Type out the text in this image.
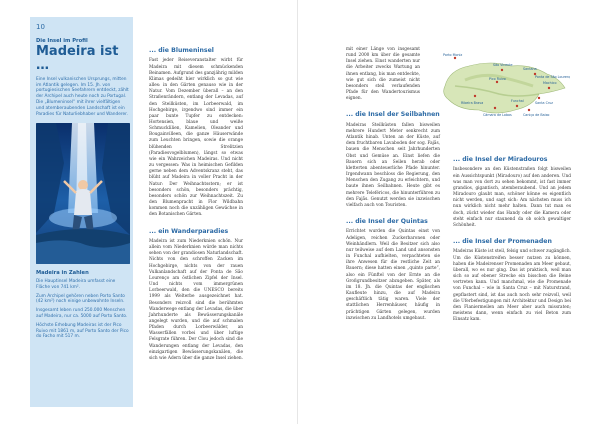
10
Die Insel im Profil
Madeira ist …

Eine Insel vulkanischen Ursprungs, mitten im Atlantik gelegen. Im 15. Jh. von portugiesischen Seefahrern entdeckt, zählt der Archipel auch heute noch zu Portugal. Die „Blumeninsel“ mit ihrer vielfältigen und atemberaubenden Landschaft ist ein Paradies für Naturliebhaber und Wanderer.

Madeira in Zahlen

Die Hauptinsel Madeira umfasst eine Fläche von 741 km².

Zum Archipel gehören neben Porto Santo (42 km²) noch einige unbewohnte Inseln.

Insgesamt leben rund 250.000 Menschen auf Madeira, nur ca. 5000 auf Porto Santo.

Höchste Erhebung Madeiras ist der Pico Ruivo mit 1861 m, auf Porto Santo der Pico do Facho mit 517 m.

... die Blumeninsel

Fast jeder Reiseveranstalter wirbt für Madeira mit diesem schmückenden Beinamen. Aufgrund des ganzjährig milden Klimas gedeiht hier wirklich so gut wie alles: in den Gärten genauso wie in der Natur. Vom Dezember überall – an den Straßenrändern, entlang der Levadas, auf den Steilküsten, im Lorbeerwald, im Hochgebirge, irgendwo sind immer ein paar bunte Tupfer zu entdecken: Hortensien, blaue und weiße Schmucklilien, Kamelien, Oleander und Bougainvilleen, die ganze Häuserwände zum Leuchten bringen, sowie die orange blühenden Strelitzien (Paradiesvogelblumen), längst so etwas wie ein Wahrzeichen Madeiras. Und nicht zu vergessen: Was in heimischen Gefilden gerne neben dem Adventskranz steht, das blüht auf Madeira in voller Pracht in der Natur: Der Weihnachtsstern; er ist besonders schön, besonders prächtig, besonders schön zur Weihnachtszeit. Zu den Blumenpracht in Flor Wildbahn kommen noch die unzähligen Gewächse in den Botanischen Gärten.

... ein Wanderparadies

Madeira ist zum Niederknien schön. Nur allein vom Niederknien würde man nichts sehen von der grandiosen Naturlandschaft. Nichts von den schroffen Zacken im Hochgebirge, nichts von der rauen Vulkanlandschaft auf der Ponta de São Lourenço am östlichen Zipfel der Insel. Und nichts vom immergrünen Lorbeerwald, den die UNESCO bereits 1999 als Welterbe ausgezeichnet hat. Besonders reizvoll sind die berühmten Wanderwege entlang der Levadas, die über Jahrhunderte als Bewässerungskanäle angelegt wurden, und die auf schmalen Pfaden durch Lorbeerwälder, an Wasserfällen vorbei und über luftige Felsgrate führen. Der Clou jedoch sind die Wanderungen entlang der Levadas, den einzigartigen Bewässerungskanälen, die sich wie Adern über die ganze Insel ziehen.

mit einer Länge von insgesamt rund 2000 km über die gesamte Insel ziehen. Einst wanderten nur die Arbeiter zwecks Wartung an ihnen entlang, bis man entdeckte, wie gut sich die zumeist nicht besonders steil verlaufenden Pfade für den Wandertourismus eignen.

... die Insel der Seilbahnen

Madeiras Steilküsten fallen bisweilen mehrere Hundert Meter senkrecht zum Atlantik hinab. Unten an der Küste, auf dem fruchtbaren Lavaboden der sog. Fajãs, bauen die Menschen seit Jahrhunderten Obst und Gemüse an. Einst liefen die Bauern sich an Seilen herab oder kletterten abenteuerliche Pfade hinunter. Irgendwann beschloss die Regierung, den Menschen den Zugang zu erleichtern, und baute ihnen Seilbahnen. Heute gibt es mehrere Teleféricos, die hinunterführen zu den Fajãs. Genutzt werden sie inzwischen vielfach auch von Touristen.

... die Insel der Quintas

Errichtet wurden die Quintas einst von Adeligen, reichen Zuckerbaronen oder Weinhändlern. Weil die Besitzer sich also nur teilweise auf dem Land und ansonsten in Funchal aufhielten, verpachteten sie ihre Anwesen für die restliche Zeit an Bauern; diese hatten einen „quinto parte“, also ein Fünftel von der Ernte an die Großgrundbesitzer abzugeben. Später, als im 18. Jh. die Quintas der englischen Kaufleute hinzu, die auf Madeira geschäftlich tätig waren. Viele der stattlichen Herrenhäuser, häufig in prächtigen Gärten gelegen, wurden inzwischen zu Landhotels umgebaut.

... die Insel der Miradouros

Insbesondere an den Küstenstraßen folgt bisweilen ein Aussichtspunkt (Miradouro) auf den anderen. Und was man von dort zu sehen bekommt, ist fast immer grandios, gigantisch, atemberaubend. Und an jedem Miradouro glaubt man, schöner könne es eigentlich nicht werden, und sagt sich: Am nächsten muss ich nun wirklich nicht mehr halten. Dann tut man es doch, zückt wieder das Handy oder die Kamera oder steht einfach nur staunend da ob solch gewaltiger Schönheit.

... die Insel der Promenaden

Madeiras Küste ist steil, felsig und schwer zugänglich. Um die Küstenstreifen besser nutzen zu können, haben die Madeirenser Promenaden am Meer gebaut, überall, wo es nur ging. Das ist praktisch, weil man sich so auf ebener Strecke ein bisschen die Beine vertreten kann. Und manchmal, wie die Promenade von Funchal – wie in Santa Cruz – mit Naturstrand, gepflastert sind, ist das auch noch sehr reizvoll, weil die Uferbefestigungen mit Architektur und Design bei den Flaniermeilen am Meer aber auch missraten; meistens dann, wenn einfach zu viel Beton zum Einsatz kam.

Porto Moniz
São Vicente
Santana
Machico
Ponta de São Lourenço
Ribeira Brava
Pico Ruivo
Santa Cruz
Funchal
Câmara de Lobos	Caniço de Baixo
